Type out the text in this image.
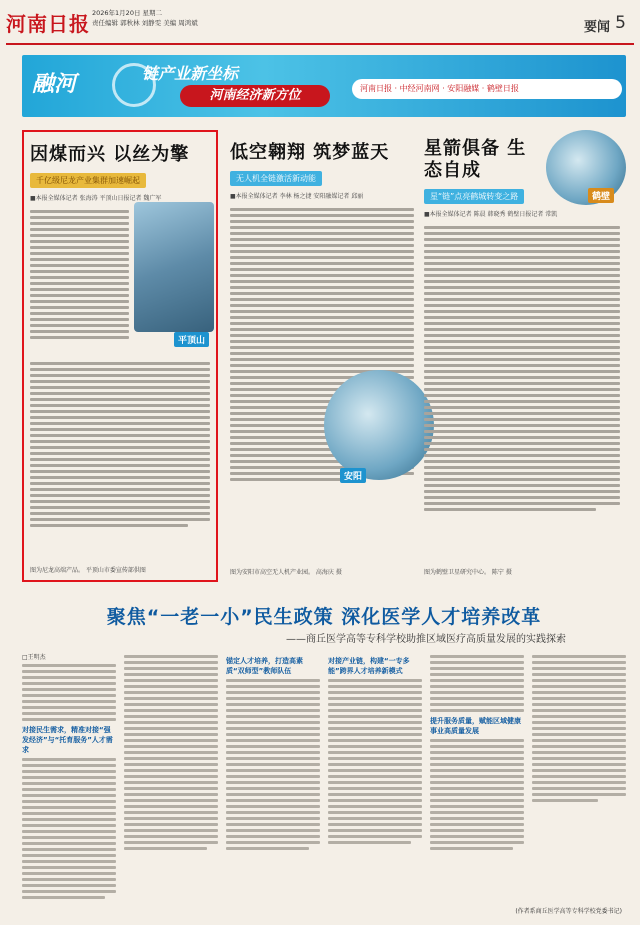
河南日报 2026年1月20日 星期二
责任编辑 郭秋林 刘静雯 美编 周鸿斌	要闻 5
融河	链产业新坐标
河南经济新方位	河南日报 · 中经河南网 · 安阳融媒 · 鹤壁日报
因煤而兴 以丝为擎
千亿级尼龙产业集群加速崛起
■本报全媒体记者 张海涛 平顶山日报记者 魏广军
平顶山
图为尼龙高端产品。 平顶山市委宣传部供图
低空翱翔 筑梦蓝天
无人机全链激活新动能
■本报全媒体记者 李林 杨之捷 安阳融媒记者 邱丽
安阳
图为安阳市高空无人机产业园。 高海庆 摄
星箭俱备 生态自成
鹤壁
星“链”点亮鹤城转变之路
■本报全媒体记者 陈晨 韩晓秀 鹤壁日报记者 常凯
图为鹤壁卫星研究中心。 陈宁 摄
聚焦“一老一小”民生政策 深化医学人才培养改革
——商丘医学高等专科学校助推区域医疗高质量发展的实践探索
□王明杰
对接民生需求，精准对接“强发经济”与“托育服务”人才需求
锚定人才培养，打造高素质“双师型”教师队伍
对接产业链，构建“一专多能”跨界人才培养新模式
提升服务质量，赋能区域健康事业高质量发展
(作者系商丘医学高等专科学校党委书记)
